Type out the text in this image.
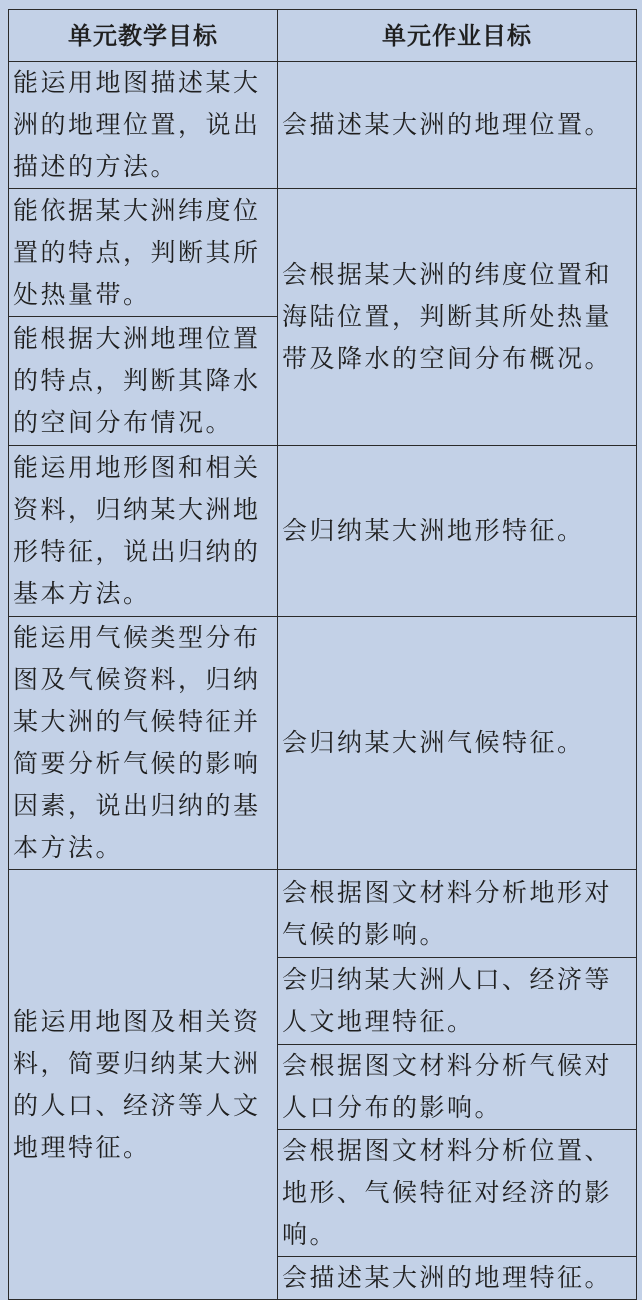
单元教学目标	单元作业目标
能运用地图描述某大洲的地理位置，说出描述的方法。	会描述某大洲的地理位置。
能依据某大洲纬度位置的特点，判断其所处热量带。	会根据某大洲的纬度位置和海陆位置，判断其所处热量带及降水的空间分布概况。
能根据大洲地理位置的特点，判断其降水的空间分布情况。	
能运用地形图和相关资料，归纳某大洲地形特征，说出归纳的基本方法。	会归纳某大洲地形特征。
能运用气候类型分布图及气候资料，归纳某大洲的气候特征并简要分析气候的影响因素，说出归纳的基本方法。	会归纳某大洲气候特征。
能运用地图及相关资料，简要归纳某大洲的人口、经济等人文地理特征。	会根据图文材料分析地形对气候的影响。
	会归纳某大洲人口、经济等人文地理特征。
	会根据图文材料分析气候对人口分布的影响。
	会根据图文材料分析位置、地形、气候特征对经济的影响。
	会描述某大洲的地理特征。
